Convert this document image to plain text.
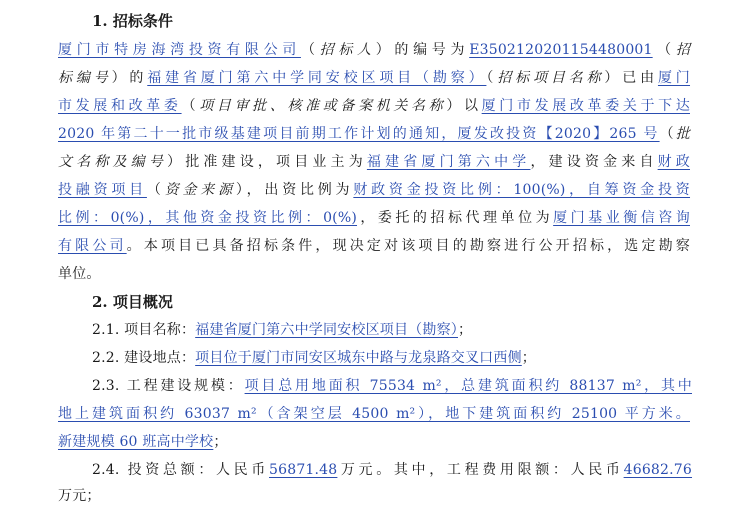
1. 招标条件
厦门市特房海湾投资有限公司（招标人）的编号为E3502120201154480001（招
标编号）的福建省厦门第六中学同安校区项目（勘察）（招标项目名称）已由厦门
市发展和改革委（项目审批、核准或备案机关名称）以厦门市发展改革委关于下达
2020 年第二十一批市级基建项目前期工作计划的通知，厦发改投资【2020】265 号（批
文名称及编号）批准建设，项目业主为福建省厦门第六中学，建设资金来自财政
投融资项目（资金来源），出资比例为财政资金投资比例：100(%)，自筹资金投资
比例：0(%)，其他资金投资比例：0(%)，委托的招标代理单位为厦门基业衡信咨询
有限公司。本项目已具备招标条件，现决定对该项目的勘察进行公开招标，选定勘察
单位。
2. 项目概况
2.1. 项目名称：福建省厦门第六中学同安校区项目（勘察）；
2.2. 建设地点：项目位于厦门市同安区城东中路与龙泉路交叉口西侧；
2.3. 工程建设规模：项目总用地面积 75534 m²，总建筑面积约 88137 m²，其中
地上建筑面积约 63037 m²（含架空层 4500 m²），地下建筑面积约 25100 平方米。
新建规模 60 班高中学校；
2.4. 投资总额：人民币56871.48万元。其中，工程费用限额：人民币46682.76
万元；
